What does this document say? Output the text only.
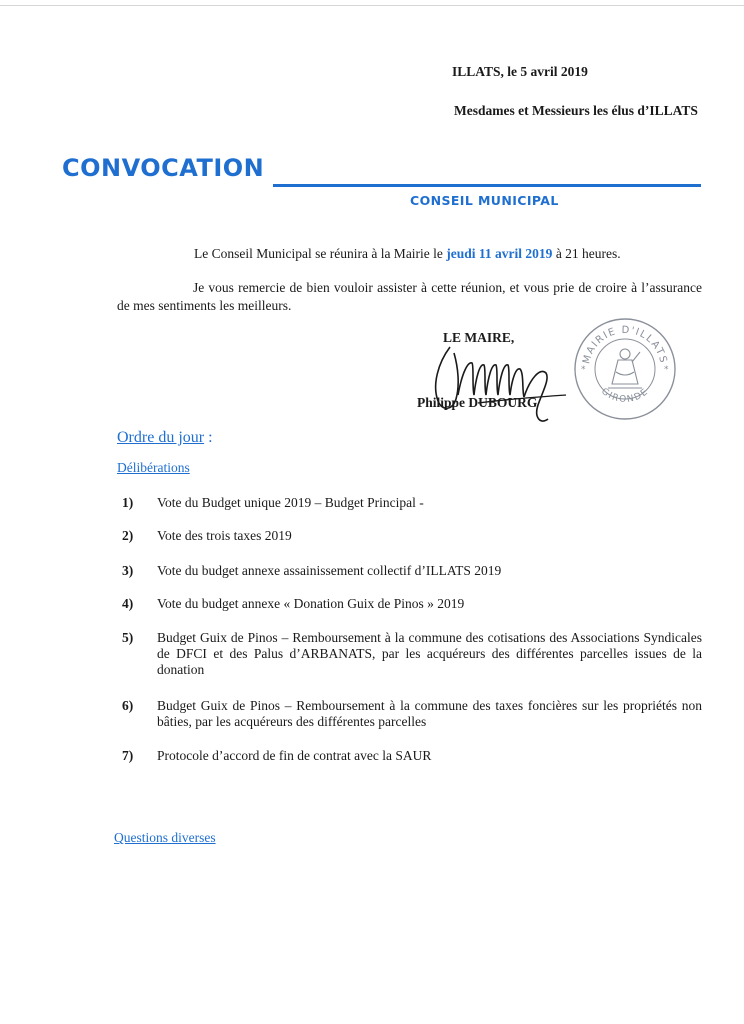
ILLATS, le 5 avril 2019
Mesdames et Messieurs les élus d’ILLATS
CONVOCATION
CONSEIL MUNICIPAL
Le Conseil Municipal se réunira à la Mairie le jeudi 11 avril 2019 à 21 heures.
Je vous remercie de bien vouloir assister à cette réunion, et vous prie de croire à l’assurance de mes sentiments les meilleurs.
LE MAIRE,
Philippe DUBOURG
MAIRIE D'ILLATS
GIRONDE
*	*
Ordre du jour :
Délibérations
1) Vote du Budget unique 2019 – Budget Principal -
2) Vote des trois taxes 2019
3) Vote du budget annexe assainissement collectif d’ILLATS 2019
4) Vote du budget annexe « Donation Guix de Pinos » 2019
5) Budget Guix de Pinos – Remboursement à la commune des cotisations des Associations Syndicales de DFCI et des Palus d’ARBANATS, par les acquéreurs des différentes parcelles issues de la donation
6) Budget Guix de Pinos – Remboursement à la commune des taxes foncières sur les propriétés non bâties, par les acquéreurs des différentes parcelles
7) Protocole d’accord de fin de contrat avec la SAUR
Questions diverses
